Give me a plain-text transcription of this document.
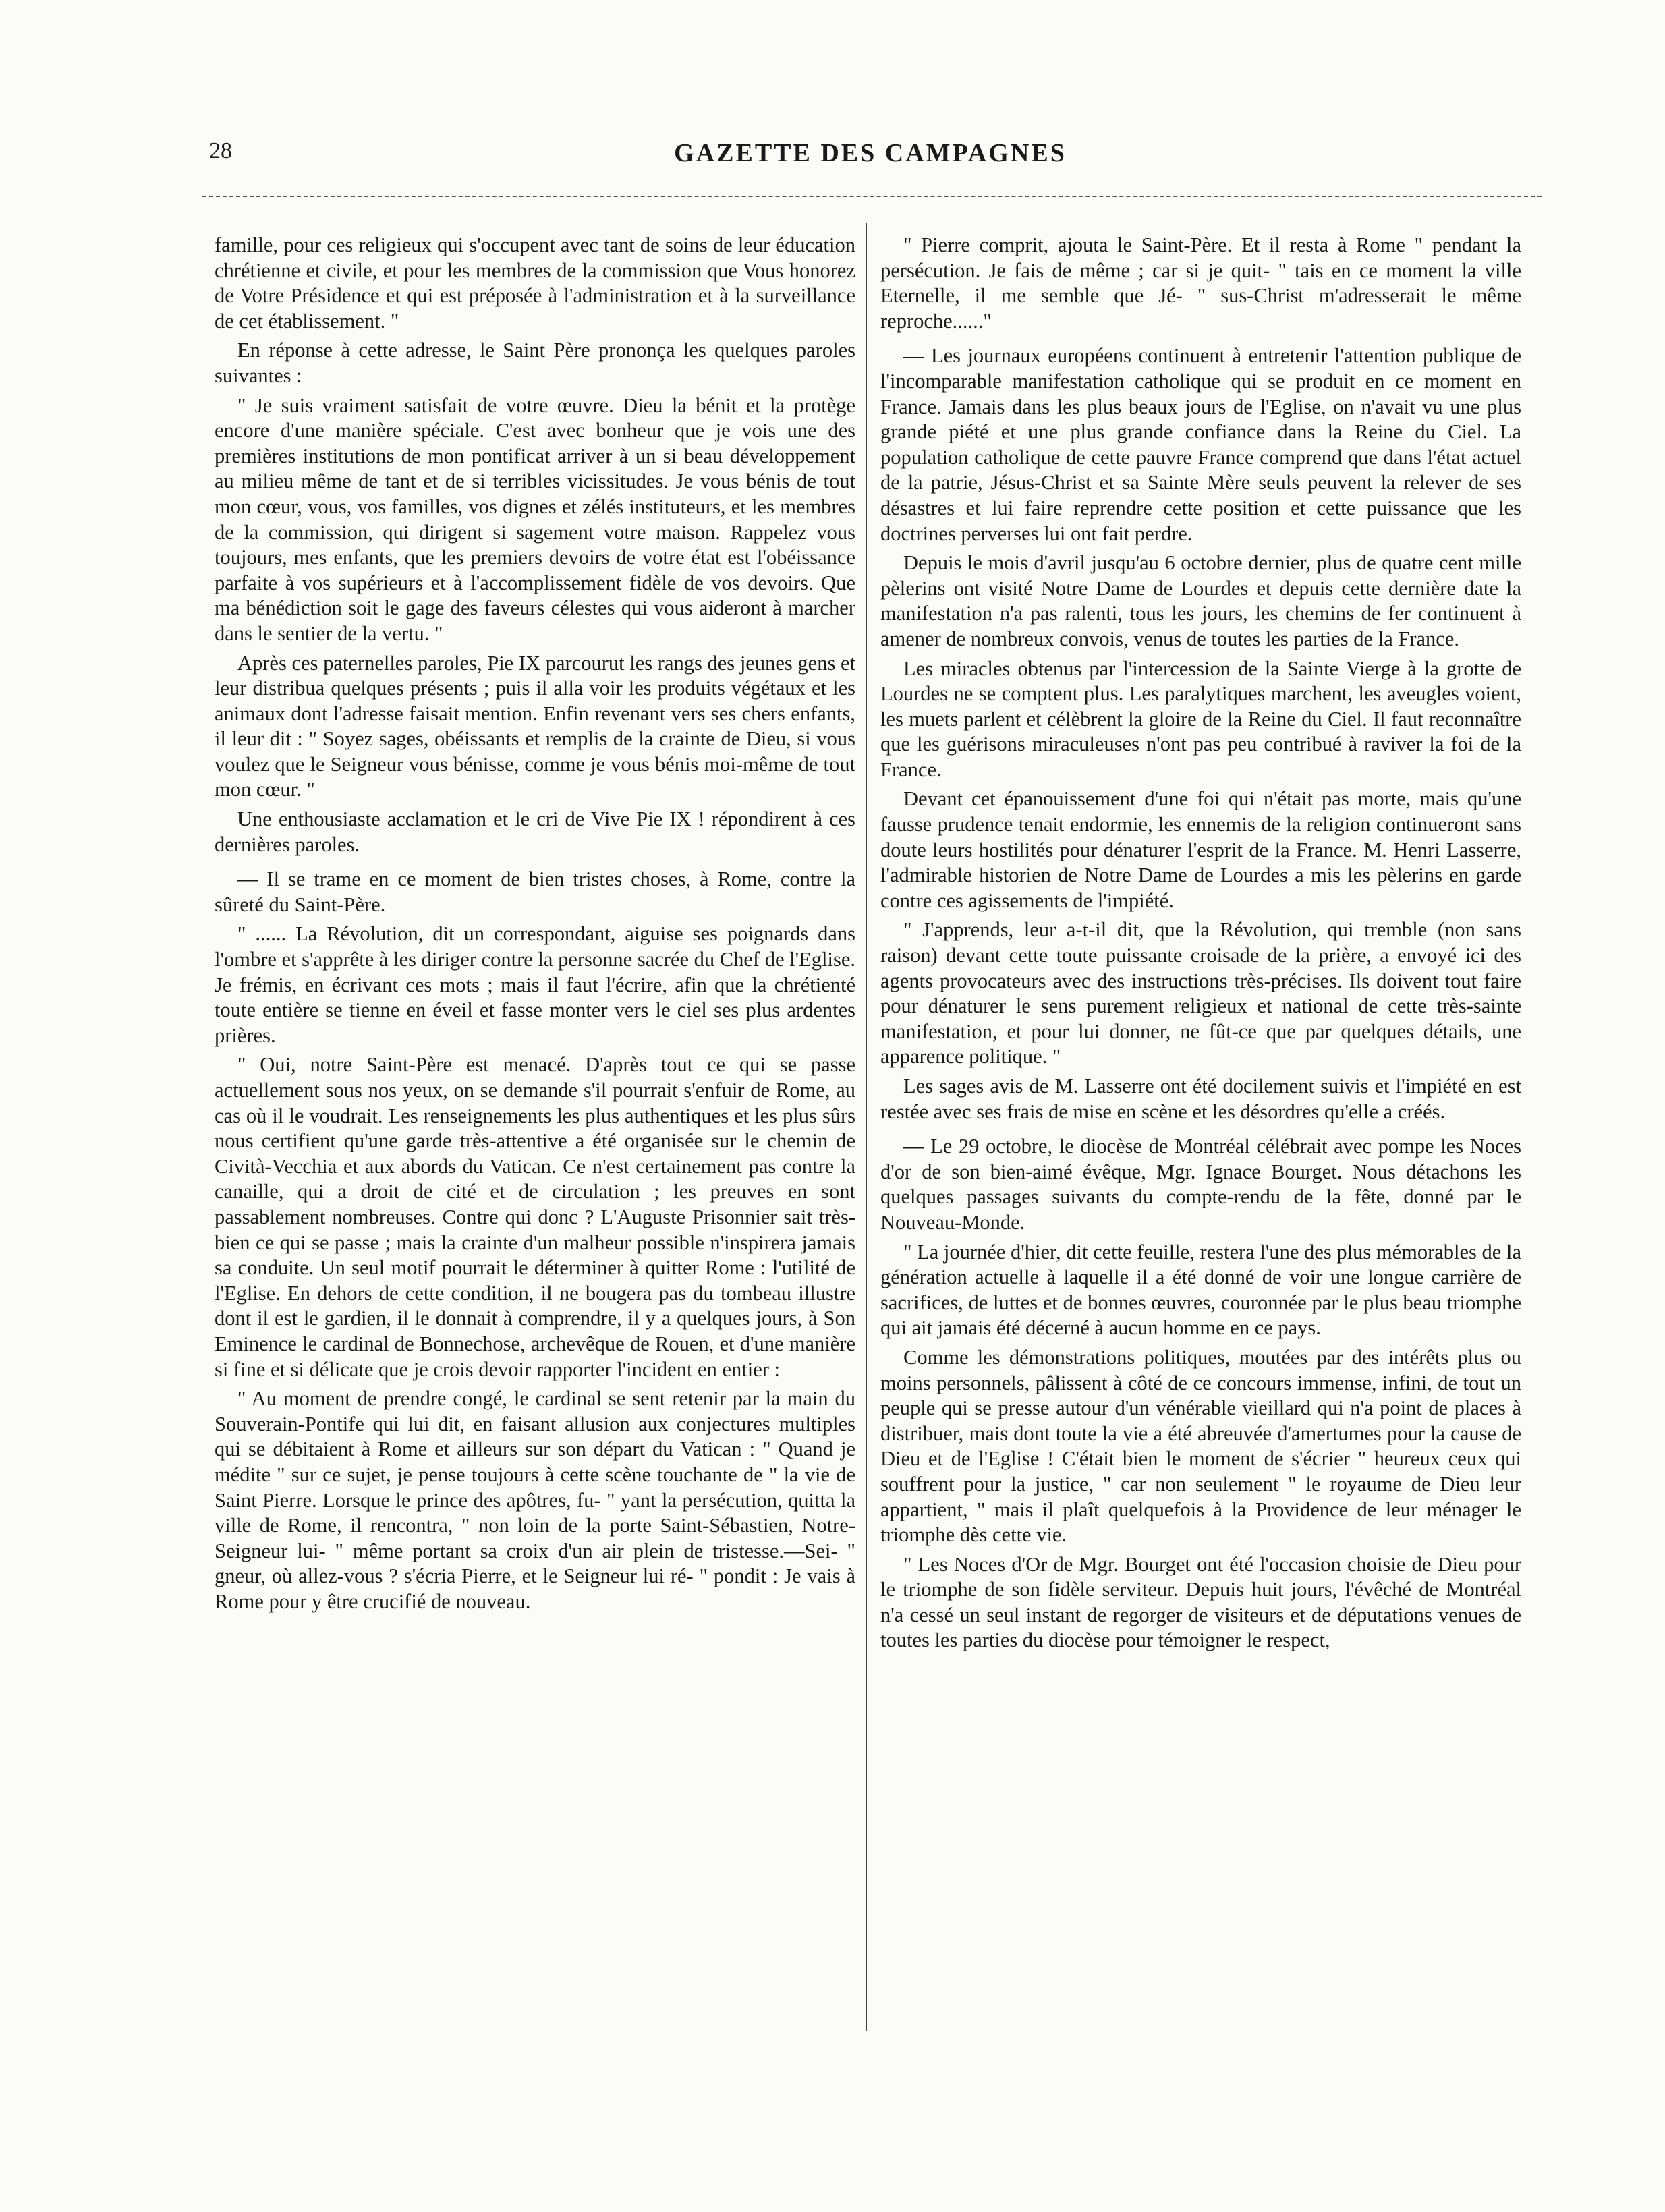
28	GAZETTE DES CAMPAGNES

famille, pour ces religieux qui s'occupent avec tant de soins de leur éducation chrétienne et civile, et pour les membres de la commission que Vous honorez de Votre Présidence et qui est préposée à l'administration et à la surveillance de cet établissement. "

En réponse à cette adresse, le Saint Père prononça les quelques paroles suivantes :

" Je suis vraiment satisfait de votre œuvre. Dieu la bénit et la protège encore d'une manière spéciale. C'est avec bonheur que je vois une des premières institutions de mon pontificat arriver à un si beau développement au milieu même de tant et de si terribles vicissitudes. Je vous bénis de tout mon cœur, vous, vos familles, vos dignes et zélés instituteurs, et les membres de la commission, qui dirigent si sagement votre maison. Rappelez vous toujours, mes enfants, que les premiers devoirs de votre état est l'obéissance parfaite à vos supérieurs et à l'accomplissement fidèle de vos devoirs. Que ma bénédiction soit le gage des faveurs célestes qui vous aideront à marcher dans le sentier de la vertu. "

Après ces paternelles paroles, Pie IX parcourut les rangs des jeunes gens et leur distribua quelques présents ; puis il alla voir les produits végétaux et les animaux dont l'adresse faisait mention. Enfin revenant vers ses chers enfants, il leur dit : " Soyez sages, obéissants et remplis de la crainte de Dieu, si vous voulez que le Seigneur vous bénisse, comme je vous bénis moi-même de tout mon cœur. "

Une enthousiaste acclamation et le cri de Vive Pie IX ! répondirent à ces dernières paroles.

— Il se trame en ce moment de bien tristes choses, à Rome, contre la sûreté du Saint-Père.

" ...... La Révolution, dit un correspondant, aiguise ses poignards dans l'ombre et s'apprête à les diriger contre la personne sacrée du Chef de l'Eglise. Je frémis, en écrivant ces mots ; mais il faut l'écrire, afin que la chrétienté toute entière se tienne en éveil et fasse monter vers le ciel ses plus ardentes prières.

" Oui, notre Saint-Père est menacé. D'après tout ce qui se passe actuellement sous nos yeux, on se demande s'il pourrait s'enfuir de Rome, au cas où il le voudrait. Les renseignements les plus authentiques et les plus sûrs nous certifient qu'une garde très-attentive a été organisée sur le chemin de Cività-Vecchia et aux abords du Vatican. Ce n'est certainement pas contre la canaille, qui a droit de cité et de circulation ; les preuves en sont passablement nombreuses. Contre qui donc ? L'Auguste Prisonnier sait très-bien ce qui se passe ; mais la crainte d'un malheur possible n'inspirera jamais sa conduite. Un seul motif pourrait le déterminer à quitter Rome : l'utilité de l'Eglise. En dehors de cette condition, il ne bougera pas du tombeau illustre dont il est le gardien, il le donnait à comprendre, il y a quelques jours, à Son Eminence le cardinal de Bonnechose, archevêque de Rouen, et d'une manière si fine et si délicate que je crois devoir rapporter l'incident en entier :

" Au moment de prendre congé, le cardinal se sent retenir par la main du Souverain-Pontife qui lui dit, en faisant allusion aux conjectures multiples qui se débitaient à Rome et ailleurs sur son départ du Vatican : " Quand je médite " sur ce sujet, je pense toujours à cette scène touchante de " la vie de Saint Pierre. Lorsque le prince des apôtres, fu- " yant la persécution, quitta la ville de Rome, il rencontra, " non loin de la porte Saint-Sébastien, Notre-Seigneur lui- " même portant sa croix d'un air plein de tristesse.—Sei- " gneur, où allez-vous ? s'écria Pierre, et le Seigneur lui ré- " pondit : Je vais à Rome pour y être crucifié de nouveau.

" Pierre comprit, ajouta le Saint-Père. Et il resta à Rome " pendant la persécution. Je fais de même ; car si je quit- " tais en ce moment la ville Eternelle, il me semble que Jé- " sus-Christ m'adresserait le même reproche......"

— Les journaux européens continuent à entretenir l'attention publique de l'incomparable manifestation catholique qui se produit en ce moment en France. Jamais dans les plus beaux jours de l'Eglise, on n'avait vu une plus grande piété et une plus grande confiance dans la Reine du Ciel. La population catholique de cette pauvre France comprend que dans l'état actuel de la patrie, Jésus-Christ et sa Sainte Mère seuls peuvent la relever de ses désastres et lui faire reprendre cette position et cette puissance que les doctrines perverses lui ont fait perdre.

Depuis le mois d'avril jusqu'au 6 octobre dernier, plus de quatre cent mille pèlerins ont visité Notre Dame de Lourdes et depuis cette dernière date la manifestation n'a pas ralenti, tous les jours, les chemins de fer continuent à amener de nombreux convois, venus de toutes les parties de la France.

Les miracles obtenus par l'intercession de la Sainte Vierge à la grotte de Lourdes ne se comptent plus. Les paralytiques marchent, les aveugles voient, les muets parlent et célèbrent la gloire de la Reine du Ciel. Il faut reconnaître que les guérisons miraculeuses n'ont pas peu contribué à raviver la foi de la France.

Devant cet épanouissement d'une foi qui n'était pas morte, mais qu'une fausse prudence tenait endormie, les ennemis de la religion continueront sans doute leurs hostilités pour dénaturer l'esprit de la France. M. Henri Lasserre, l'admirable historien de Notre Dame de Lourdes a mis les pèlerins en garde contre ces agissements de l'impiété.

" J'apprends, leur a-t-il dit, que la Révolution, qui tremble (non sans raison) devant cette toute puissante croisade de la prière, a envoyé ici des agents provocateurs avec des instructions très-précises. Ils doivent tout faire pour dénaturer le sens purement religieux et national de cette très-sainte manifestation, et pour lui donner, ne fût-ce que par quelques détails, une apparence politique. "

Les sages avis de M. Lasserre ont été docilement suivis et l'impiété en est restée avec ses frais de mise en scène et les désordres qu'elle a créés.

— Le 29 octobre, le diocèse de Montréal célébrait avec pompe les Noces d'or de son bien-aimé évêque, Mgr. Ignace Bourget. Nous détachons les quelques passages suivants du compte-rendu de la fête, donné par le Nouveau-Monde.

" La journée d'hier, dit cette feuille, restera l'une des plus mémorables de la génération actuelle à laquelle il a été donné de voir une longue carrière de sacrifices, de luttes et de bonnes œuvres, couronnée par le plus beau triomphe qui ait jamais été décerné à aucun homme en ce pays.

Comme les démonstrations politiques, moutées par des intérêts plus ou moins personnels, pâlissent à côté de ce concours immense, infini, de tout un peuple qui se presse autour d'un vénérable vieillard qui n'a point de places à distribuer, mais dont toute la vie a été abreuvée d'amertumes pour la cause de Dieu et de l'Eglise ! C'était bien le moment de s'écrier " heureux ceux qui souffrent pour la justice, " car non seulement " le royaume de Dieu leur appartient, " mais il plaît quelquefois à la Providence de leur ménager le triomphe dès cette vie.

" Les Noces d'Or de Mgr. Bourget ont été l'occasion choisie de Dieu pour le triomphe de son fidèle serviteur. Depuis huit jours, l'évêché de Montréal n'a cessé un seul instant de regorger de visiteurs et de députations venues de toutes les parties du diocèse pour témoigner le respect,
